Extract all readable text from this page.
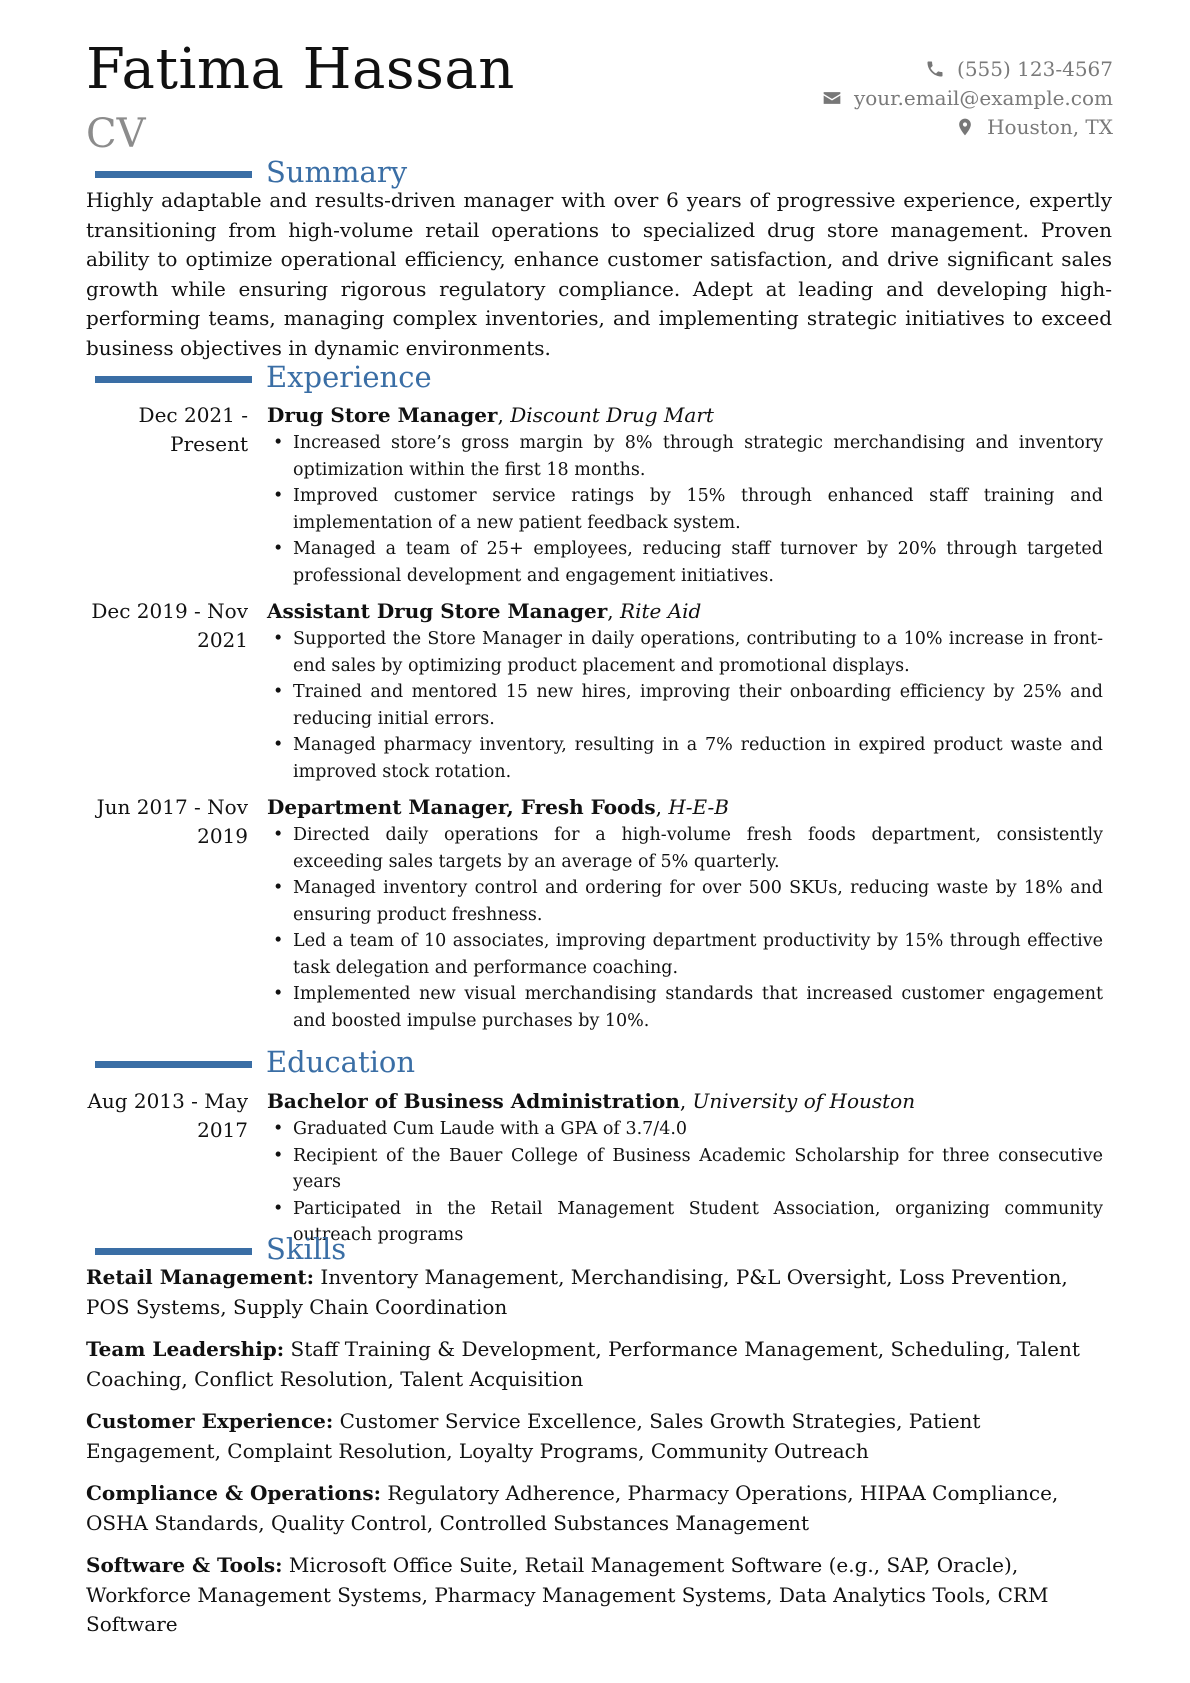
Fatima Hassan
CV
(555) 123-4567
your.email@example.com
Houston, TX
Summary

Highly adaptable and results-driven manager with over 6 years of progressive experience, expertly transitioning from high-volume retail operations to specialized drug store management. Proven ability to optimize operational efficiency, enhance customer satisfaction, and drive significant sales growth while ensuring rigorous regulatory compliance. Adept at leading and developing high-performing teams, managing complex inventories, and implementing strategic initiatives to exceed business objectives in dynamic environments.

Experience
Dec 2021 - Present
Drug Store Manager, Discount Drug Mart
• Increased store’s gross margin by 8% through strategic merchandising and inventory optimization within the first 18 months.
• Improved customer service ratings by 15% through enhanced staff training and implementation of a new patient feedback system.
• Managed a team of 25+ employees, reducing staff turnover by 20% through targeted professional development and engagement initiatives.
Dec 2019 - Nov 2021
Assistant Drug Store Manager, Rite Aid
• Supported the Store Manager in daily operations, contributing to a 10% increase in front-end sales by optimizing product placement and promotional displays.
• Trained and mentored 15 new hires, improving their onboarding efficiency by 25% and reducing initial errors.
• Managed pharmacy inventory, resulting in a 7% reduction in expired product waste and improved stock rotation.
Jun 2017 - Nov 2019
Department Manager, Fresh Foods, H-E-B
• Directed daily operations for a high-volume fresh foods department, consistently exceeding sales targets by an average of 5% quarterly.
• Managed inventory control and ordering for over 500 SKUs, reducing waste by 18% and ensuring product freshness.
• Led a team of 10 associates, improving department productivity by 15% through effective task delegation and performance coaching.
• Implemented new visual merchandising standards that increased customer engagement and boosted impulse purchases by 10%.
Education
Aug 2013 - May 2017
Bachelor of Business Administration, University of Houston
• Graduated Cum Laude with a GPA of 3.7/4.0
• Recipient of the Bauer College of Business Academic Scholarship for three consecutive years
• Participated in the Retail Management Student Association, organizing community outreach programs
Skills
Retail Management: Inventory Management, Merchandising, P&L Oversight, Loss Prevention, POS Systems, Supply Chain Coordination
Team Leadership: Staff Training & Development, Performance Management, Scheduling, Talent Coaching, Conflict Resolution, Talent Acquisition
Customer Experience: Customer Service Excellence, Sales Growth Strategies, Patient Engagement, Complaint Resolution, Loyalty Programs, Community Outreach
Compliance & Operations: Regulatory Adherence, Pharmacy Operations, HIPAA Compliance, OSHA Standards, Quality Control, Controlled Substances Management
Software & Tools: Microsoft Office Suite, Retail Management Software (e.g., SAP, Oracle), Workforce Management Systems, Pharmacy Management Systems, Data Analytics Tools, CRM Software
